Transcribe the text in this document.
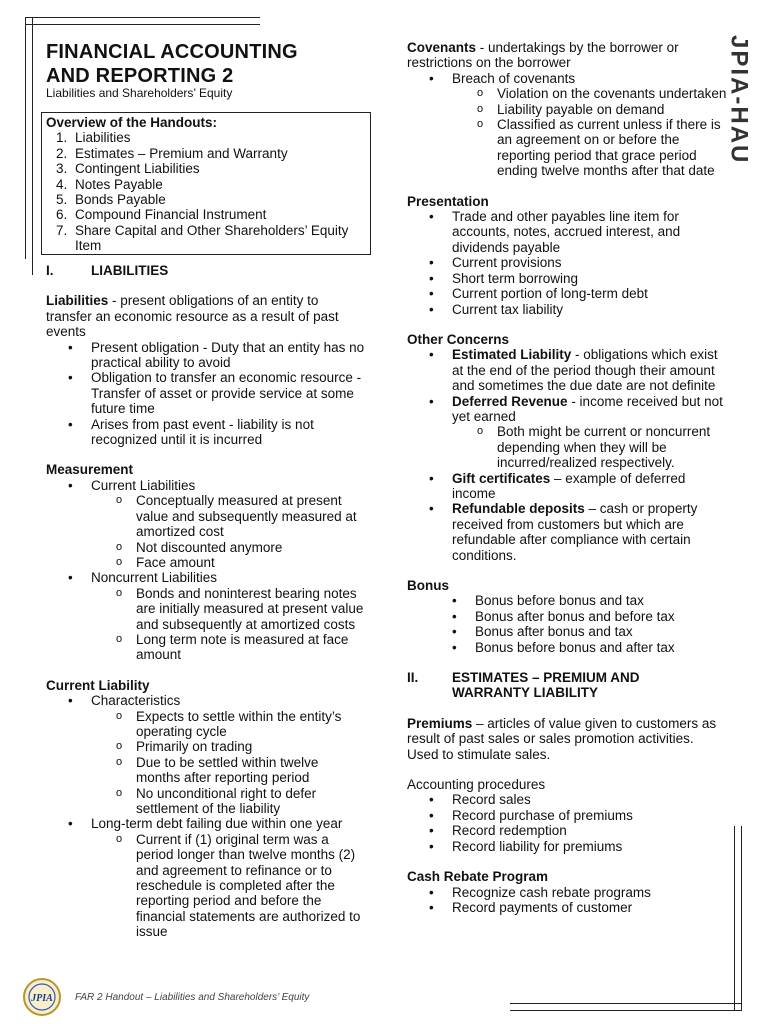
FINANCIAL ACCOUNTING
AND REPORTING 2
Liabilities and Shareholders’ Equity
Overview of the Handouts:
1. Liabilities
2. Estimates – Premium and Warranty
3. Contingent Liabilities
4. Notes Payable
5. Bonds Payable
6. Compound Financial Instrument
7. Share Capital and Other Shareholders’ Equity Item
JPIA-HAU
I.	LIABILITIES
Liabilities - present obligations of an entity to transfer an economic resource as a result of past events
• Present obligation - Duty that an entity has no practical ability to avoid
• Obligation to transfer an economic resource - Transfer of asset or provide service at some future time
• Arises from past event - liability is not recognized until it is incurred
Measurement
• Current Liabilities
o Conceptually measured at present value and subsequently measured at amortized cost
o Not discounted anymore
o Face amount
• Noncurrent Liabilities
o Bonds and noninterest bearing notes are initially measured at present value and subsequently at amortized costs
o Long term note is measured at face amount
Current Liability
• Characteristics
o Expects to settle within the entity’s operating cycle
o Primarily on trading
o Due to be settled within twelve months after reporting period
o No unconditional right to defer settlement of the liability
• Long-term debt failing due within one year
o Current if (1) original term was a period longer than twelve months (2) and agreement to refinance or to reschedule is completed after the reporting period and before the financial statements are authorized to issue
Covenants - undertakings by the borrower or restrictions on the borrower
• Breach of covenants
o Violation on the covenants undertaken
o Liability payable on demand
o Classified as current unless if there is an agreement on or before the reporting period that grace period ending twelve months after that date
Presentation
• Trade and other payables line item for accounts, notes, accrued interest, and dividends payable
• Current provisions
• Short term borrowing
• Current portion of long-term debt
• Current tax liability
Other Concerns
• Estimated Liability - obligations which exist at the end of the period though their amount and sometimes the due date are not definite
• Deferred Revenue - income received but not yet earned
o Both might be current or noncurrent depending when they will be incurred/realized respectively.
• Gift certificates – example of deferred income
• Refundable deposits – cash or property received from customers but which are refundable after compliance with certain conditions.
Bonus
• Bonus before bonus and tax
• Bonus after bonus and before tax
• Bonus after bonus and tax
• Bonus before bonus and after tax
II.	ESTIMATES – PREMIUM AND WARRANTY LIABILITY
Premiums – articles of value given to customers as result of past sales or sales promotion activities. Used to stimulate sales.
Accounting procedures
• Record sales
• Record purchase of premiums
• Record redemption
• Record liability for premiums
Cash Rebate Program
• Recognize cash rebate programs
• Record payments of customer
JPIA FAR 2 Handout – Liabilities and Shareholders’ Equity
